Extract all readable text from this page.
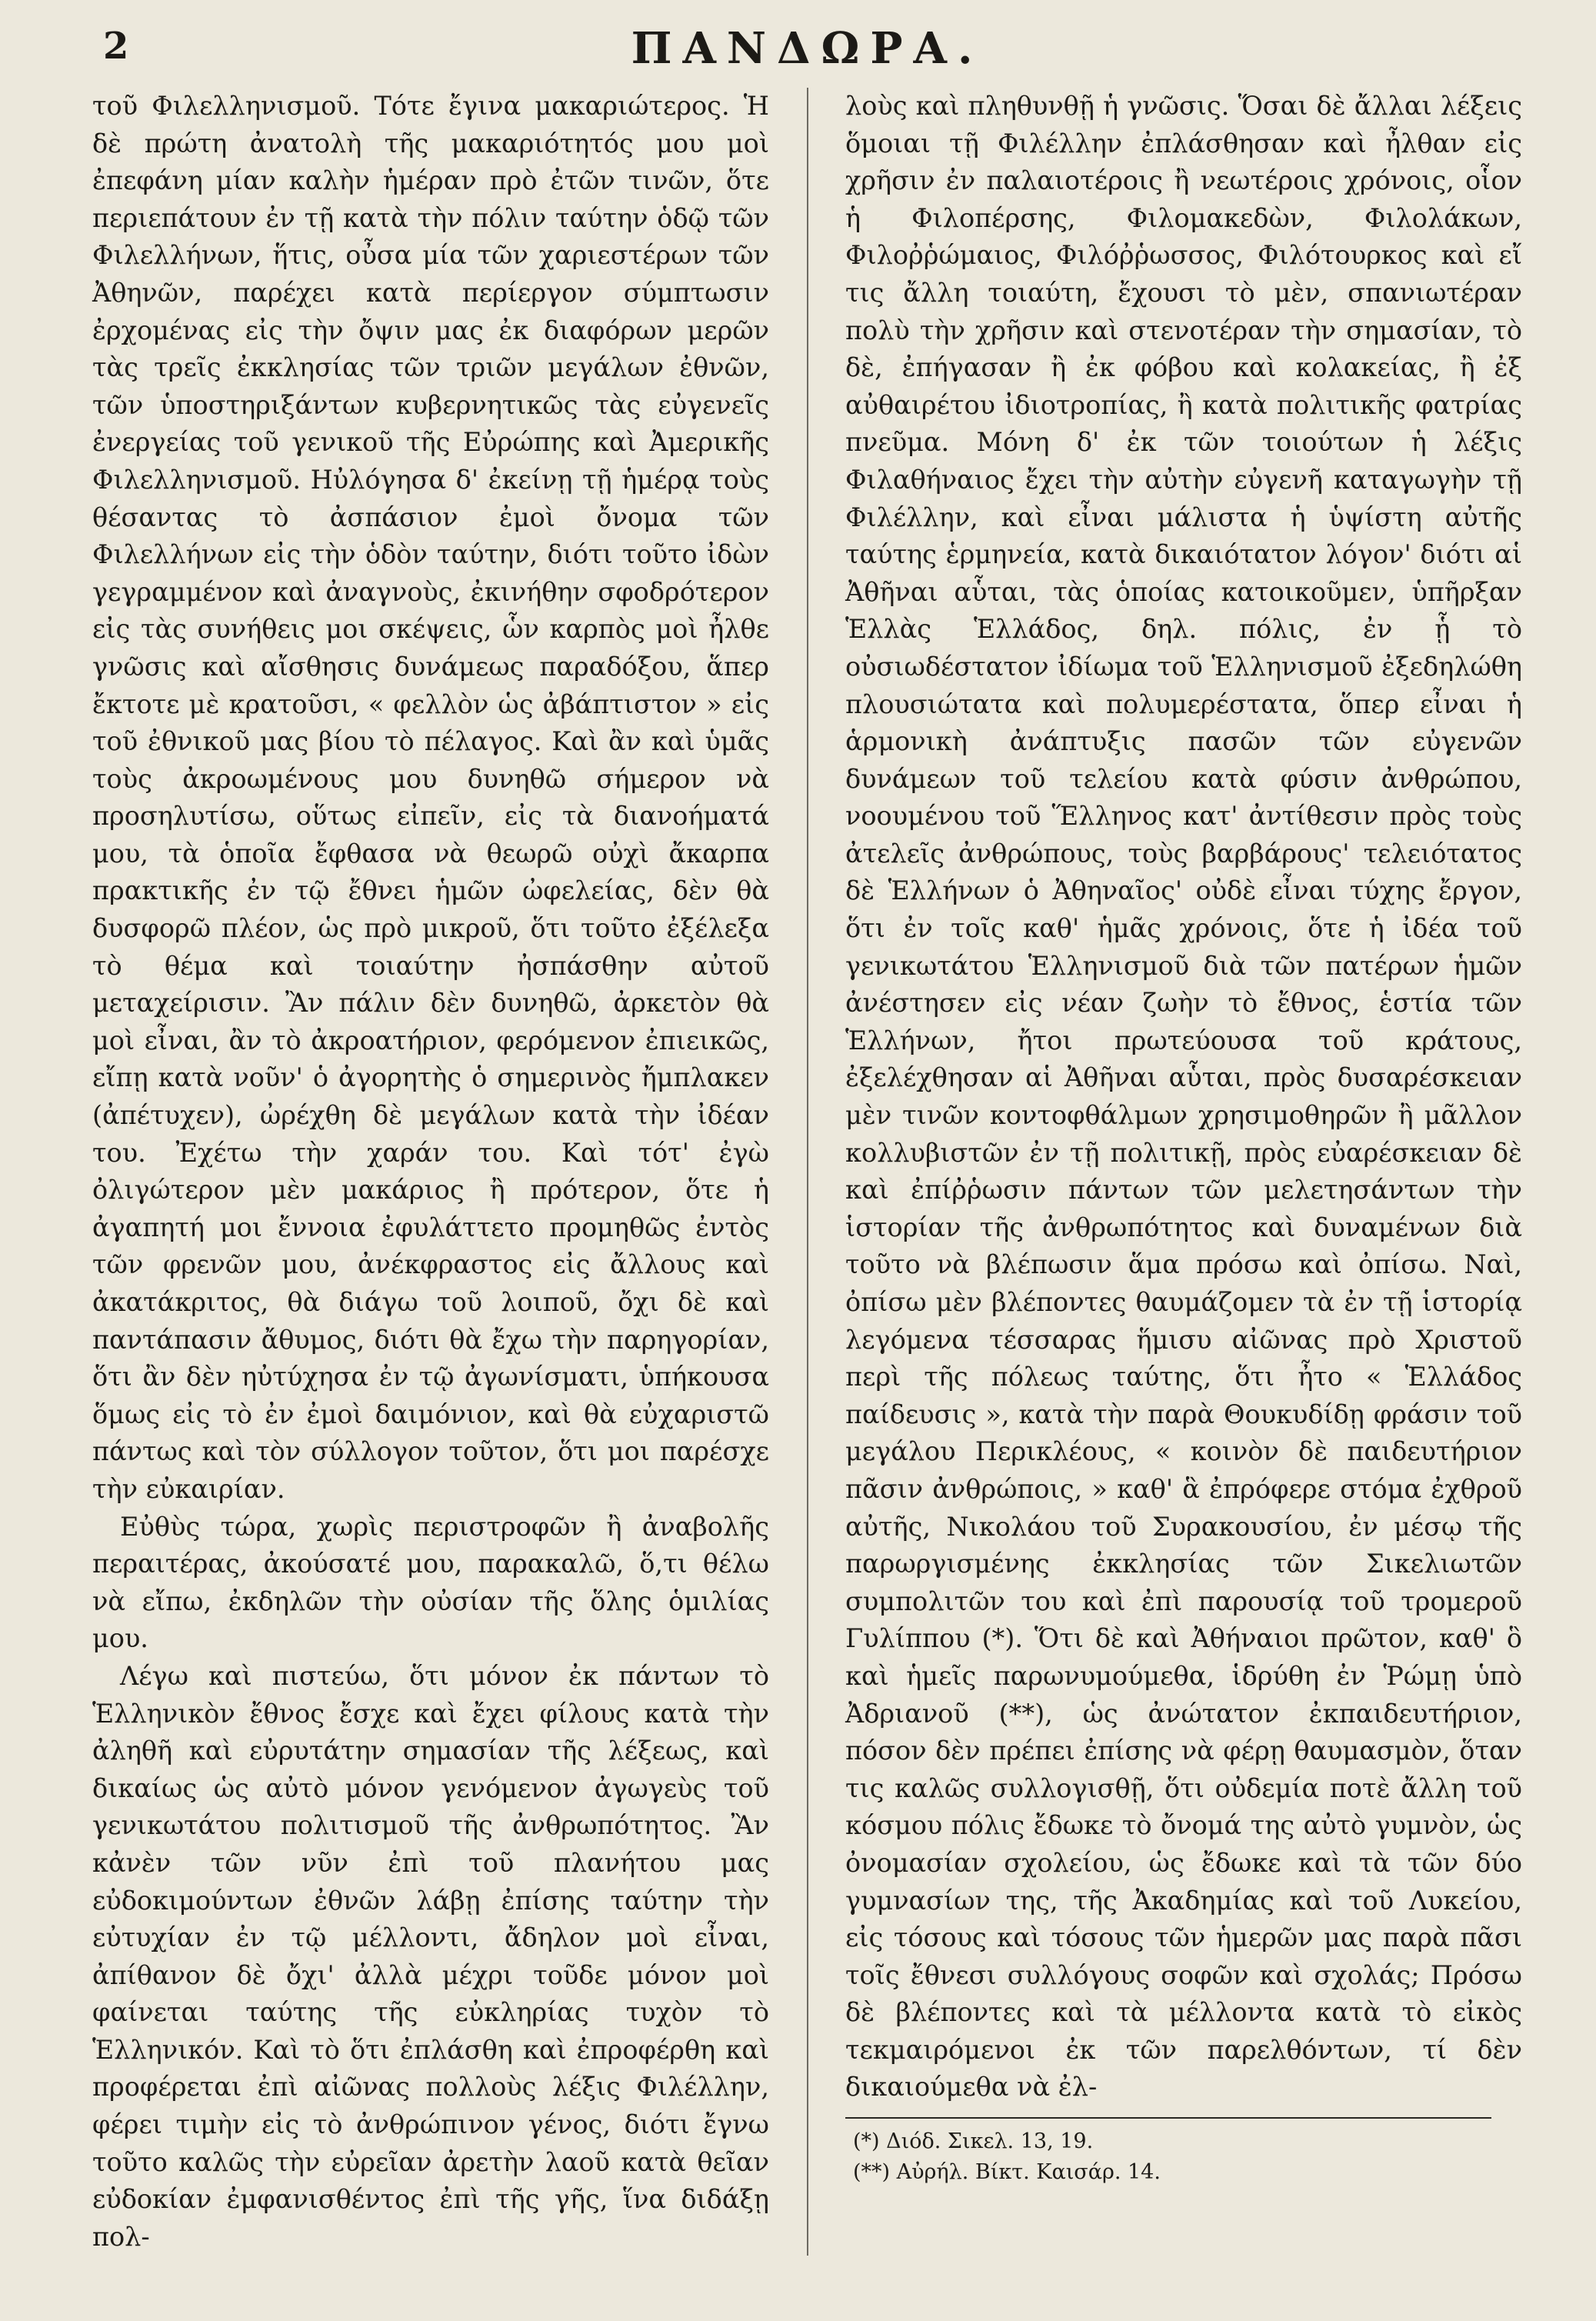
2	ΠΑΝΔΩΡΑ.

τοῦ Φιλελληνισμοῦ. Τότε ἔγινα μακαριώτερος. Ἡ δὲ πρώτη ἀνατολὴ τῆς μακαριότητός μου μοὶ ἐπεφάνη μίαν καλὴν ἡμέραν πρὸ ἐτῶν τινῶν, ὅτε περιεπάτουν ἐν τῇ κατὰ τὴν πόλιν ταύτην ὁδῷ τῶν Φιλελλήνων, ἥτις, οὖσα μία τῶν χαριεστέρων τῶν Ἀθηνῶν, παρέχει κατὰ περίεργον σύμπτωσιν ἐρχομένας εἰς τὴν ὄψιν μας ἐκ διαφόρων μερῶν τὰς τρεῖς ἐκκλησίας τῶν τριῶν μεγάλων ἐθνῶν, τῶν ὑποστηριξάντων κυβερνητικῶς τὰς εὐγενεῖς ἐνεργείας τοῦ γενικοῦ τῆς Εὐρώπης καὶ Ἀμερικῆς Φιλελληνισμοῦ. Ηὐλόγησα δ' ἐκείνῃ τῇ ἡμέρᾳ τοὺς θέσαντας τὸ ἀσπάσιον ἐμοὶ ὄνομα τῶν Φιλελλήνων εἰς τὴν ὁδὸν ταύτην, διότι τοῦτο ἰδὼν γεγραμμένον καὶ ἀναγνοὺς, ἐκινήθην σφοδρότερον εἰς τὰς συνήθεις μοι σκέψεις, ὧν καρπὸς μοὶ ἦλθε γνῶσις καὶ αἴσθησις δυνάμεως παραδόξου, ἅπερ ἔκτοτε μὲ κρατοῦσι, « φελλὸν ὡς ἀβάπτιστον » εἰς τοῦ ἐθνικοῦ μας βίου τὸ πέλαγος. Καὶ ἂν καὶ ὑμᾶς τοὺς ἀκροωμένους μου δυνηθῶ σήμερον νὰ προσηλυτίσω, οὕτως εἰπεῖν, εἰς τὰ διανοήματά μου, τὰ ὁποῖα ἔφθασα νὰ θεωρῶ οὐχὶ ἄκαρπα πρακτικῆς ἐν τῷ ἔθνει ἡμῶν ὠφελείας, δὲν θὰ δυσφορῶ πλέον, ὡς πρὸ μικροῦ, ὅτι τοῦτο ἐξέλεξα τὸ θέμα καὶ τοιαύτην ἠσπάσθην αὐτοῦ μεταχείρισιν. Ἂν πάλιν δὲν δυνηθῶ, ἀρκετὸν θὰ μοὶ εἶναι, ἂν τὸ ἀκροατήριον, φερόμενον ἐπιεικῶς, εἴπῃ κατὰ νοῦν' ὁ ἀγορητὴς ὁ σημερινὸς ἤμπλακεν (ἀπέτυχεν), ὠρέχθη δὲ μεγάλων κατὰ τὴν ἰδέαν του. Ἐχέτω τὴν χαράν του. Καὶ τότ' ἐγὼ ὀλιγώτερον μὲν μακάριος ἢ πρότερον, ὅτε ἡ ἀγαπητή μοι ἔννοια ἐφυλάττετο προμηθῶς ἐντὸς τῶν φρενῶν μου, ἀνέκφραστος εἰς ἄλλους καὶ ἀκατάκριτος, θὰ διάγω τοῦ λοιποῦ, ὄχι δὲ καὶ παντάπασιν ἄθυμος, διότι θὰ ἔχω τὴν παρηγορίαν, ὅτι ἂν δὲν ηὐτύχησα ἐν τῷ ἀγωνίσματι, ὑπήκουσα ὅμως εἰς τὸ ἐν ἐμοὶ δαιμόνιον, καὶ θὰ εὐχαριστῶ πάντως καὶ τὸν σύλλογον τοῦτον, ὅτι μοι παρέσχε τὴν εὐκαιρίαν.

Εὐθὺς τώρα, χωρὶς περιστροφῶν ἢ ἀναβολῆς περαιτέρας, ἀκούσατέ μου, παρακαλῶ, ὅ,τι θέλω νὰ εἴπω, ἐκδηλῶν τὴν οὐσίαν τῆς ὅλης ὁμιλίας μου.

Λέγω καὶ πιστεύω, ὅτι μόνον ἐκ πάντων τὸ Ἑλληνικὸν ἔθνος ἔσχε καὶ ἔχει φίλους κατὰ τὴν ἀληθῆ καὶ εὐρυτάτην σημασίαν τῆς λέξεως, καὶ δικαίως ὡς αὐτὸ μόνον γενόμενον ἀγωγεὺς τοῦ γενικωτάτου πολιτισμοῦ τῆς ἀνθρωπότητος. Ἂν κἀνὲν τῶν νῦν ἐπὶ τοῦ πλανήτου μας εὐδοκιμούντων ἐθνῶν λάβῃ ἐπίσης ταύτην τὴν εὐτυχίαν ἐν τῷ μέλλοντι, ἄδηλον μοὶ εἶναι, ἀπίθανον δὲ ὄχι' ἀλλὰ μέχρι τοῦδε μόνον μοὶ φαίνεται ταύτης τῆς εὐκληρίας τυχὸν τὸ Ἑλληνικόν. Καὶ τὸ ὅτι ἐπλάσθη καὶ ἐπροφέρθη καὶ προφέρεται ἐπὶ αἰῶνας πολλοὺς λέξις Φιλέλλην, φέρει τιμὴν εἰς τὸ ἀνθρώπινον γένος, διότι ἔγνω τοῦτο καλῶς τὴν εὐρεῖαν ἀρετὴν λαοῦ κατὰ θεῖαν εὐδοκίαν ἐμφανισθέντος ἐπὶ τῆς γῆς, ἵνα διδάξῃ πολ-

λοὺς καὶ πληθυνθῇ ἡ γνῶσις. Ὅσαι δὲ ἄλλαι λέξεις ὅμοιαι τῇ Φιλέλλην ἐπλάσθησαν καὶ ἦλθαν εἰς χρῆσιν ἐν παλαιοτέροις ἢ νεωτέροις χρόνοις, οἷον ἡ Φιλοπέρσης, Φιλομακεδὼν, Φιλολάκων, Φιλοῤῥώμαιος, Φιλόῤῥωσσος, Φιλότουρκος καὶ εἴ τις ἄλλη τοιαύτη, ἔχουσι τὸ μὲν, σπανιωτέραν πολὺ τὴν χρῆσιν καὶ στενοτέραν τὴν σημασίαν, τὸ δὲ, ἐπήγασαν ἢ ἐκ φόβου καὶ κολακείας, ἢ ἐξ αὐθαιρέτου ἰδιοτροπίας, ἢ κατὰ πολιτικῆς φατρίας πνεῦμα. Μόνη δ' ἐκ τῶν τοιούτων ἡ λέξις Φιλαθήναιος ἔχει τὴν αὐτὴν εὐγενῆ καταγωγὴν τῇ Φιλέλλην, καὶ εἶναι μάλιστα ἡ ὑψίστη αὐτῆς ταύτης ἑρμηνεία, κατὰ δικαιότατον λόγον' διότι αἱ Ἀθῆναι αὗται, τὰς ὁποίας κατοικοῦμεν, ὑπῆρξαν Ἑλλὰς Ἑλλάδος, δηλ. πόλις, ἐν ᾗ τὸ οὐσιωδέστατον ἰδίωμα τοῦ Ἑλληνισμοῦ ἐξεδηλώθη πλουσιώτατα καὶ πολυμερέστατα, ὅπερ εἶναι ἡ ἁρμονικὴ ἀνάπτυξις πασῶν τῶν εὐγενῶν δυνάμεων τοῦ τελείου κατὰ φύσιν ἀνθρώπου, νοουμένου τοῦ Ἕλληνος κατ' ἀντίθεσιν πρὸς τοὺς ἀτελεῖς ἀνθρώπους, τοὺς βαρβάρους' τελειότατος δὲ Ἑλλήνων ὁ Ἀθηναῖος' οὐδὲ εἶναι τύχης ἔργον, ὅτι ἐν τοῖς καθ' ἡμᾶς χρόνοις, ὅτε ἡ ἰδέα τοῦ γενικωτάτου Ἑλληνισμοῦ διὰ τῶν πατέρων ἡμῶν ἀνέστησεν εἰς νέαν ζωὴν τὸ ἔθνος, ἑστία τῶν Ἑλλήνων, ἤτοι πρωτεύουσα τοῦ κράτους, ἐξελέχθησαν αἱ Ἀθῆναι αὗται, πρὸς δυσαρέσκειαν μὲν τινῶν κοντοφθάλμων χρησιμοθηρῶν ἢ μᾶλλον κολλυβιστῶν ἐν τῇ πολιτικῇ, πρὸς εὐαρέσκειαν δὲ καὶ ἐπίῤῥωσιν πάντων τῶν μελετησάντων τὴν ἱστορίαν τῆς ἀνθρωπότητος καὶ δυναμένων διὰ τοῦτο νὰ βλέπωσιν ἅμα πρόσω καὶ ὀπίσω. Ναὶ, ὀπίσω μὲν βλέποντες θαυμάζομεν τὰ ἐν τῇ ἱστορίᾳ λεγόμενα τέσσαρας ἥμισυ αἰῶνας πρὸ Χριστοῦ περὶ τῆς πόλεως ταύτης, ὅτι ἦτο « Ἑλλάδος παίδευσις », κατὰ τὴν παρὰ Θουκυδίδῃ φράσιν τοῦ μεγάλου Περικλέους, « κοινὸν δὲ παιδευτήριον πᾶσιν ἀνθρώποις, » καθ' ἃ ἐπρόφερε στόμα ἐχθροῦ αὐτῆς, Νικολάου τοῦ Συρακουσίου, ἐν μέσῳ τῆς παρωργισμένης ἐκκλησίας τῶν Σικελιωτῶν συμπολιτῶν του καὶ ἐπὶ παρουσίᾳ τοῦ τρομεροῦ Γυλίππου (*). Ὅτι δὲ καὶ Ἀθήναιοι πρῶτον, καθ' ὃ καὶ ἡμεῖς παρωνυμούμεθα, ἱδρύθη ἐν Ῥώμῃ ὑπὸ Ἀδριανοῦ (**), ὡς ἀνώτατον ἐκπαιδευτήριον, πόσον δὲν πρέπει ἐπίσης νὰ φέρῃ θαυμασμὸν, ὅταν τις καλῶς συλλογισθῇ, ὅτι οὐδεμία ποτὲ ἄλλη τοῦ κόσμου πόλις ἔδωκε τὸ ὄνομά της αὐτὸ γυμνὸν, ὡς ὀνομασίαν σχολείου, ὡς ἔδωκε καὶ τὰ τῶν δύο γυμνασίων της, τῆς Ἀκαδημίας καὶ τοῦ Λυκείου, εἰς τόσους καὶ τόσους τῶν ἡμερῶν μας παρὰ πᾶσι τοῖς ἔθνεσι συλλόγους σοφῶν καὶ σχολάς; Πρόσω δὲ βλέποντες καὶ τὰ μέλλοντα κατὰ τὸ εἰκὸς τεκμαιρόμενοι ἐκ τῶν παρελθόντων, τί δὲν δικαιούμεθα νὰ ἐλ-

(*) Διόδ. Σικελ. 13, 19.
(**) Αὐρήλ. Βίκτ. Καισάρ. 14.
